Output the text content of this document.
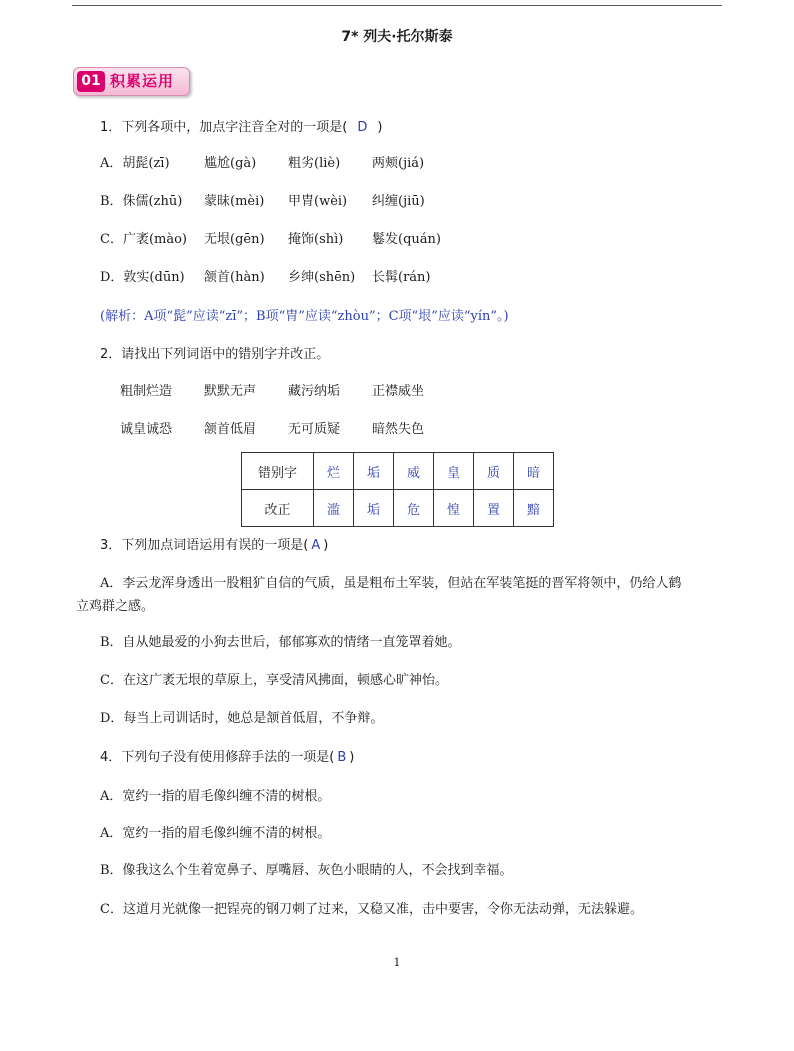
7* 列夫·托尔斯泰
01 积累运用
1．下列各项中，加点字注音全对的一项是( D )
A．胡髭(zī)	尴尬(gà) 粗劣(liè) 两颊(jiá)
B．侏儒(zhū) 蒙昧(mèi) 甲胄(wèi) 纠缠(jiū)
C．广袤(mào) 无垠(gēn) 掩饰(shì) 鬈发(quán)
D．敦实(dūn) 颔首(hàn) 乡绅(shēn) 长髯(rán)
(解析：A项“髭”应读“zī”；B项“胄”应读“zhòu”；C项“垠”应读“yín”。)
2．请找出下列词语中的错别字并改正。
粗制烂造 默默无声 藏污纳垢 正襟威坐
诚皇诚恐 颔首低眉 无可质疑 暗然失色
错别字	烂	垢	威	皇	质	暗
改正	滥	垢	危	惶	置	黯
3．下列加点词语运用有误的一项是( A )
A．李云龙浑身透出一股粗犷自信的气质，虽是粗布土军装，但站在军装笔挺的晋军将领中，仍给人鹤
立鸡群之感。
B．自从她最爱的小狗去世后，郁郁寡欢的情绪一直笼罩着她。
C．在这广袤无垠的草原上，享受清风拂面，顿感心旷神怡。
D．每当上司训话时，她总是颔首低眉，不争辩。
4．下列句子没有使用修辞手法的一项是( B )
A．宽约一指的眉毛像纠缠不清的树根。
A．宽约一指的眉毛像纠缠不清的树根。
B．像我这么个生着宽鼻子、厚嘴唇、灰色小眼睛的人，不会找到幸福。
C．这道月光就像一把锃亮的钢刀刺了过来，又稳又准，击中要害，令你无法动弹，无法躲避。
1
